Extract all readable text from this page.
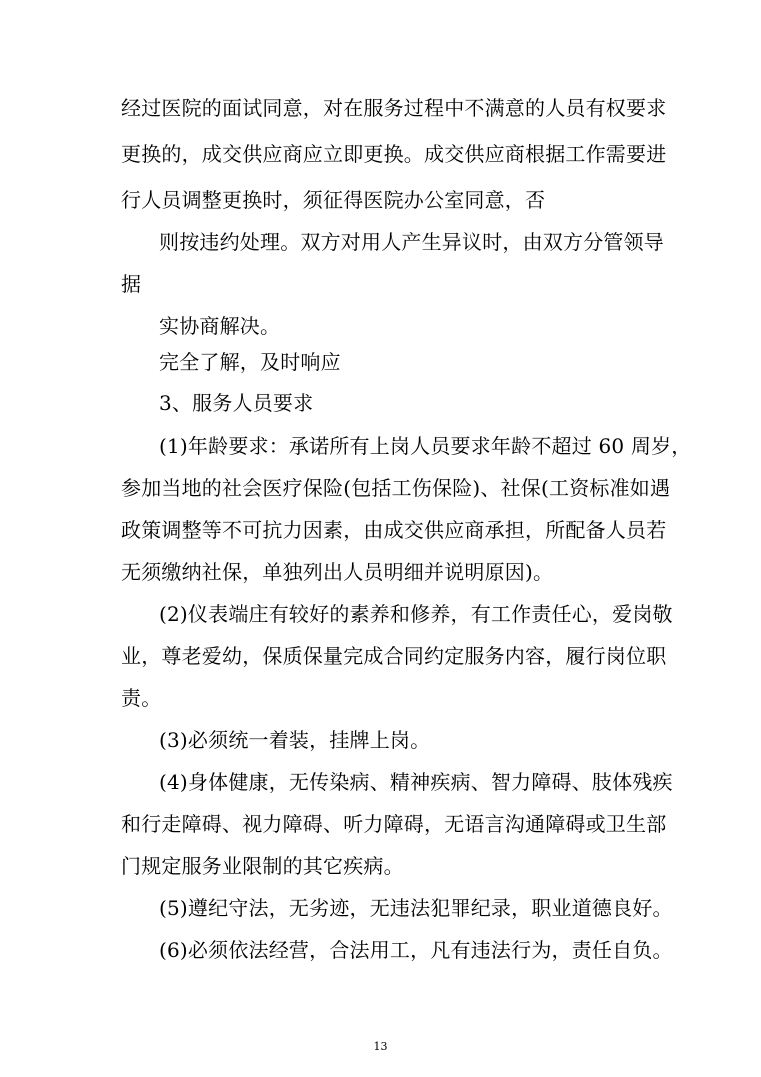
经过医院的面试同意，对在服务过程中不满意的人员有权要求
更换的，成交供应商应立即更换。成交供应商根据工作需要进
行人员调整更换时，须征得医院办公室同意，否
则按违约处理。双方对用人产生异议时，由双方分管领导
据
实协商解决。
完全了解，及时响应
3、服务人员要求
(1)年龄要求：承诺所有上岗人员要求年龄不超过 60 周岁，
参加当地的社会医疗保险(包括工伤保险)、社保(工资标准如遇
政策调整等不可抗力因素，由成交供应商承担，所配备人员若
无须缴纳社保，单独列出人员明细并说明原因)。
(2)仪表端庄有较好的素养和修养，有工作责任心，爱岗敬
业，尊老爱幼，保质保量完成合同约定服务内容，履行岗位职
责。
(3)必须统一着装，挂牌上岗。
(4)身体健康，无传染病、精神疾病、智力障碍、肢体残疾
和行走障碍、视力障碍、听力障碍，无语言沟通障碍或卫生部
门规定服务业限制的其它疾病。
(5)遵纪守法，无劣迹，无违法犯罪纪录，职业道德良好。
(6)必须依法经营，合法用工，凡有违法行为，责任自负。
13
